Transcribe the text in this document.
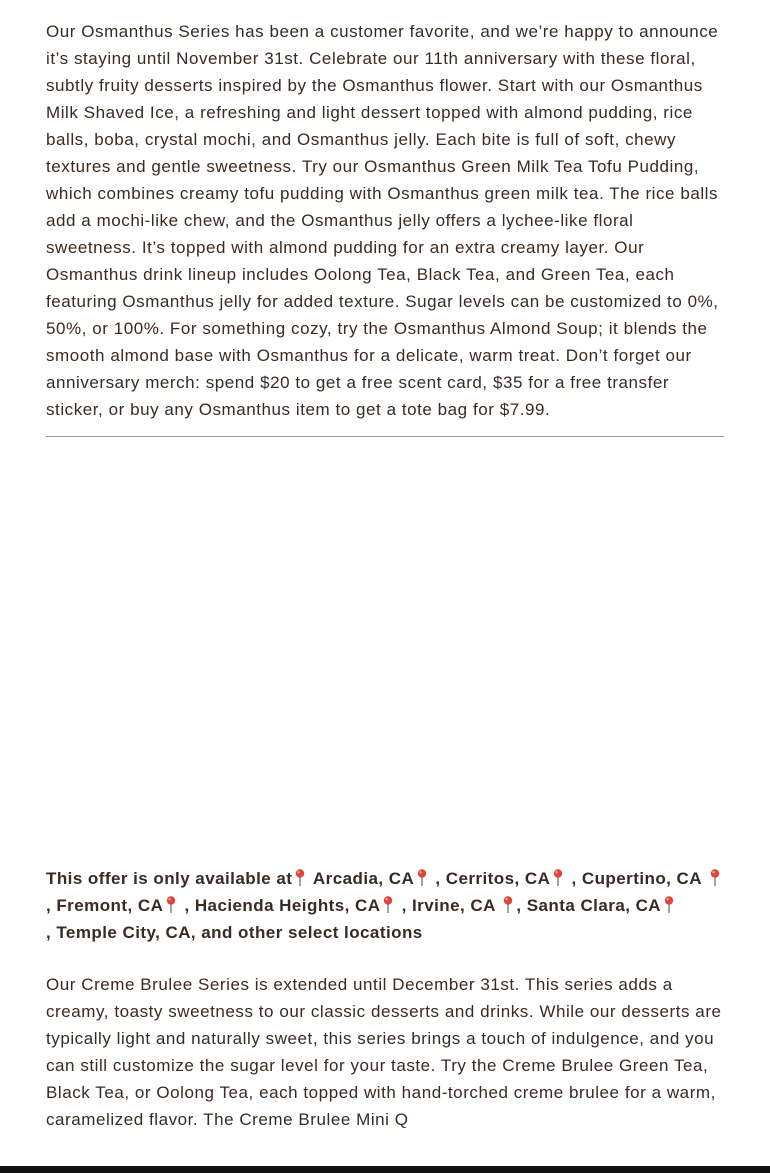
Our Osmanthus Series has been a customer favorite, and we’re happy to announce it’s staying until November 31st. Celebrate our 11th anniversary with these floral, subtly fruity desserts inspired by the Osmanthus flower. Start with our Osmanthus Milk Shaved Ice, a refreshing and light dessert topped with almond pudding, rice balls, boba, crystal mochi, and Osmanthus jelly. Each bite is full of soft, chewy textures and gentle sweetness. Try our Osmanthus Green Milk Tea Tofu Pudding, which combines creamy tofu pudding with Osmanthus green milk tea. The rice balls add a mochi-like chew, and the Osmanthus jelly offers a lychee-like floral sweetness. It’s topped with almond pudding for an extra creamy layer. Our Osmanthus drink lineup includes Oolong Tea, Black Tea, and Green Tea, each featuring Osmanthus jelly for added texture. Sugar levels can be customized to 0%, 50%, or 100%. For something cozy, try the Osmanthus Almond Soup; it blends the smooth almond base with Osmanthus for a delicate, warm treat. Don’t forget our anniversary merch: spend $20 to get a free scent card, $35 for a free transfer sticker, or buy any Osmanthus item to get a tote bag for $7.99.

This offer is only available at
Arcadia, CA
, Cerritos, CA
, Cupertino, CA
, Fremont, CA
, Hacienda Heights, CA
, Irvine, CA
, Santa Clara, CA

, Temple City, CA, and other select locations

Our Creme Brulee Series is extended until December 31st. This series adds a creamy, toasty sweetness to our classic desserts and drinks. While our desserts are typically light and naturally sweet, this series brings a touch of indulgence, and you can still customize the sugar level for your taste. Try the Creme Brulee Green Tea, Black Tea, or Oolong Tea, each topped with hand-torched creme brulee for a warm, caramelized flavor. The Creme Brulee Mini Q
